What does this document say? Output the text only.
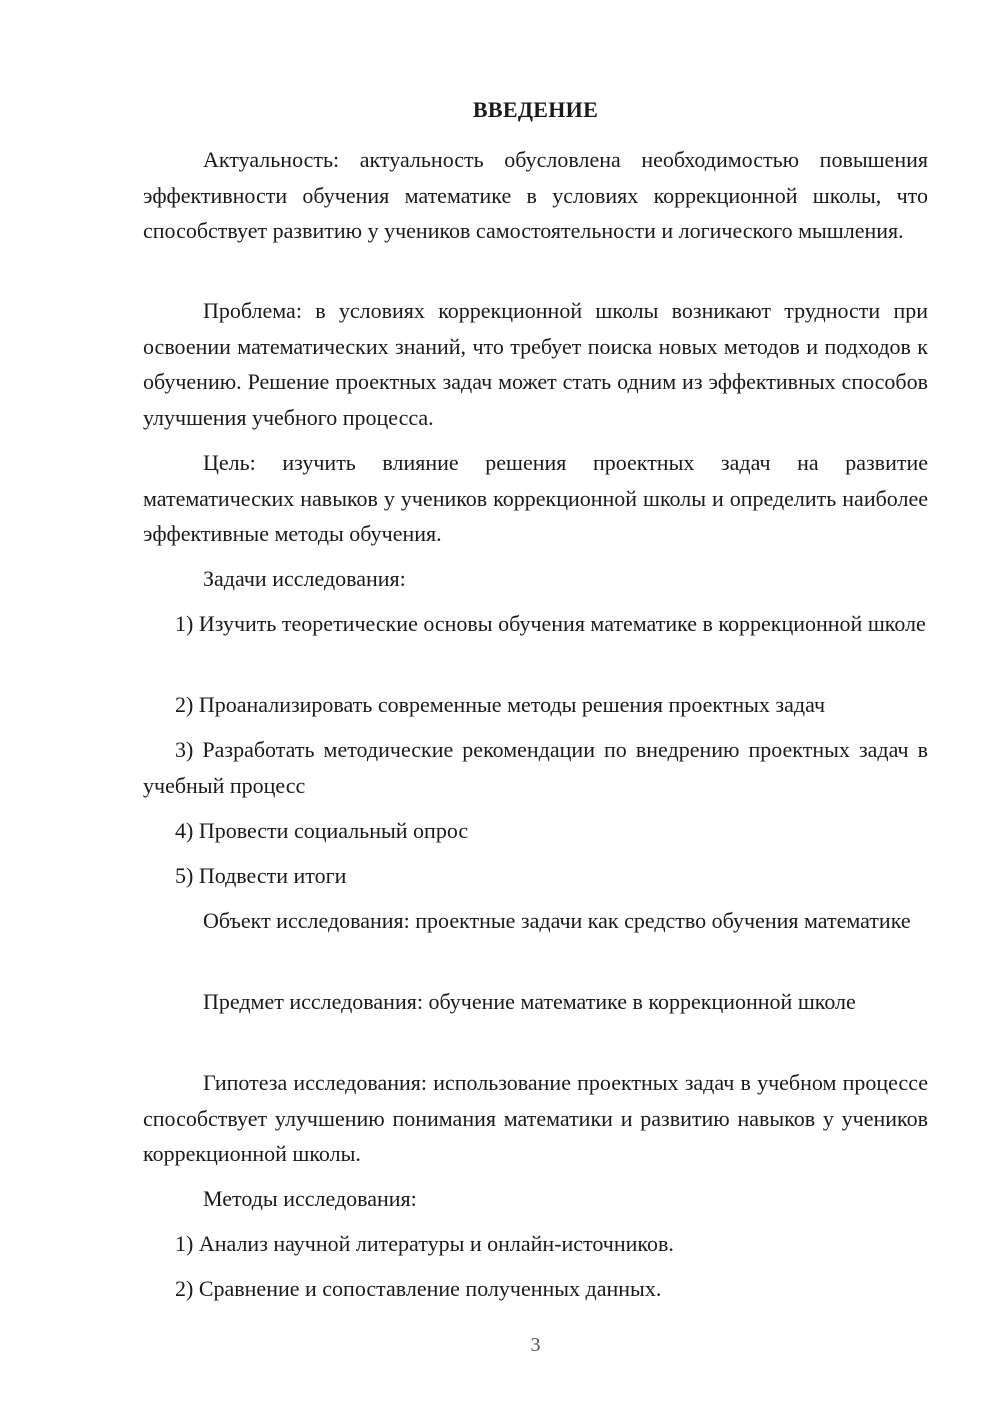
ВВЕДЕНИЕ

Актуальность: актуальность обусловлена необходимостью повышения эффективности обучения математике в условиях коррекционной школы, что способствует развитию у учеников самостоятельности и логического мышления.

Проблема: в условиях коррекционной школы возникают трудности при освоении математических знаний, что требует поиска новых методов и подходов к обучению. Решение проектных задач может стать одним из эффективных способов улучшения учебного процесса.

Цель: изучить влияние решения проектных задач на развитие математических навыков у учеников коррекционной школы и определить наиболее эффективные методы обучения.

Задачи исследования:

1) Изучить теоретические основы обучения математике в коррекционной школе

2) Проанализировать современные методы решения проектных задач

3) Разработать методические рекомендации по внедрению проектных задач в учебный процесс

4) Провести социальный опрос

5) Подвести итоги

Объект исследования: проектные задачи как средство обучения математике

Предмет исследования: обучение математике в коррекционной школе

Гипотеза исследования: использование проектных задач в учебном процессе способствует улучшению понимания математики и развитию навыков у учеников коррекционной школы.

Методы исследования:

1) Анализ научной литературы и онлайн-источников.

2) Сравнение и сопоставление полученных данных.

3
